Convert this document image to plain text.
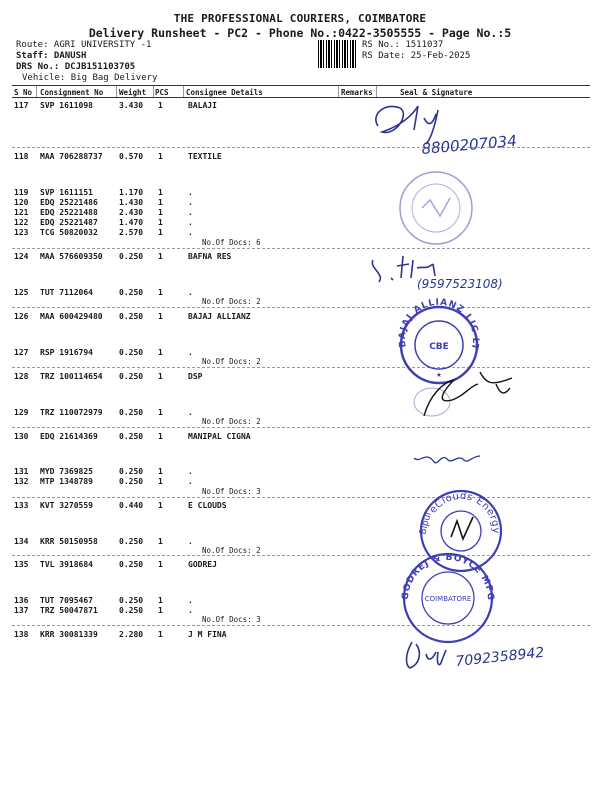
THE PROFESSIONAL COURIERS, COIMBATORE
Delivery Runsheet - PC2 - Phone No.:0422-3505555 - Page No.:5
Route: AGRI UNIVERSITY -1
Staff: DANUSH
DRS No.: DCJB151103705
Vehicle: Big Bag Delivery
RS No.: 1511037
RS Date: 25-Feb-2025
S No Consignment No Weight PCS Consignee Details	Remarks	Seal & Signature
117 SVP 1611098	3.430 1	BALAJI
118 MAA 706288737 0.570 1	TEXTILE
119 SVP 1611151	1.170 1	.
120 EDQ 25221486	1.430 1	.
121 EDQ 25221488	2.430 1	.
122 EDQ 25221487	1.470 1	.
123 TCG 50820032	2.570 1	.
No.Of Docs: 6
124 MAA 576609350 0.250 1	BAFNA RES
125 TUT 7112064	0.250 1	.
No.Of Docs: 2
126 MAA 600429480 0.250 1	BAJAJ ALLIANZ
127 RSP 1916794	0.250 1	.
No.Of Docs: 2
128 TRZ 100114654 0.250 1	DSP
129 TRZ 110072979 0.250 1	.
No.Of Docs: 2
130 EDQ 21614369	0.250 1	MANIPAL CIGNA
131 MYD 7369825	0.250 1	.
132 MTP 1348789	0.250 1	.
No.Of Docs: 3
133 KVT 3270559	0.440 1	E CLOUDS
134 KRR 50150958	0.250 1	.
No.Of Docs: 2
135 TVL 3918684	0.250 1	GODREJ
136 TUT 7095467	0.250 1	.
137 TRZ 50047871	0.250 1	.
No.Of Docs: 3
138 KRR 30081339	2.280 1	J M FINA
8800207034
(9597523108)
BAJAJ ALLIANZ LIC LTD
CBE
★
eClouds Energy LLP
Bipul
GODREJ & BOYCE MFG. CO. LTD
COIMBATORE
7092358942
